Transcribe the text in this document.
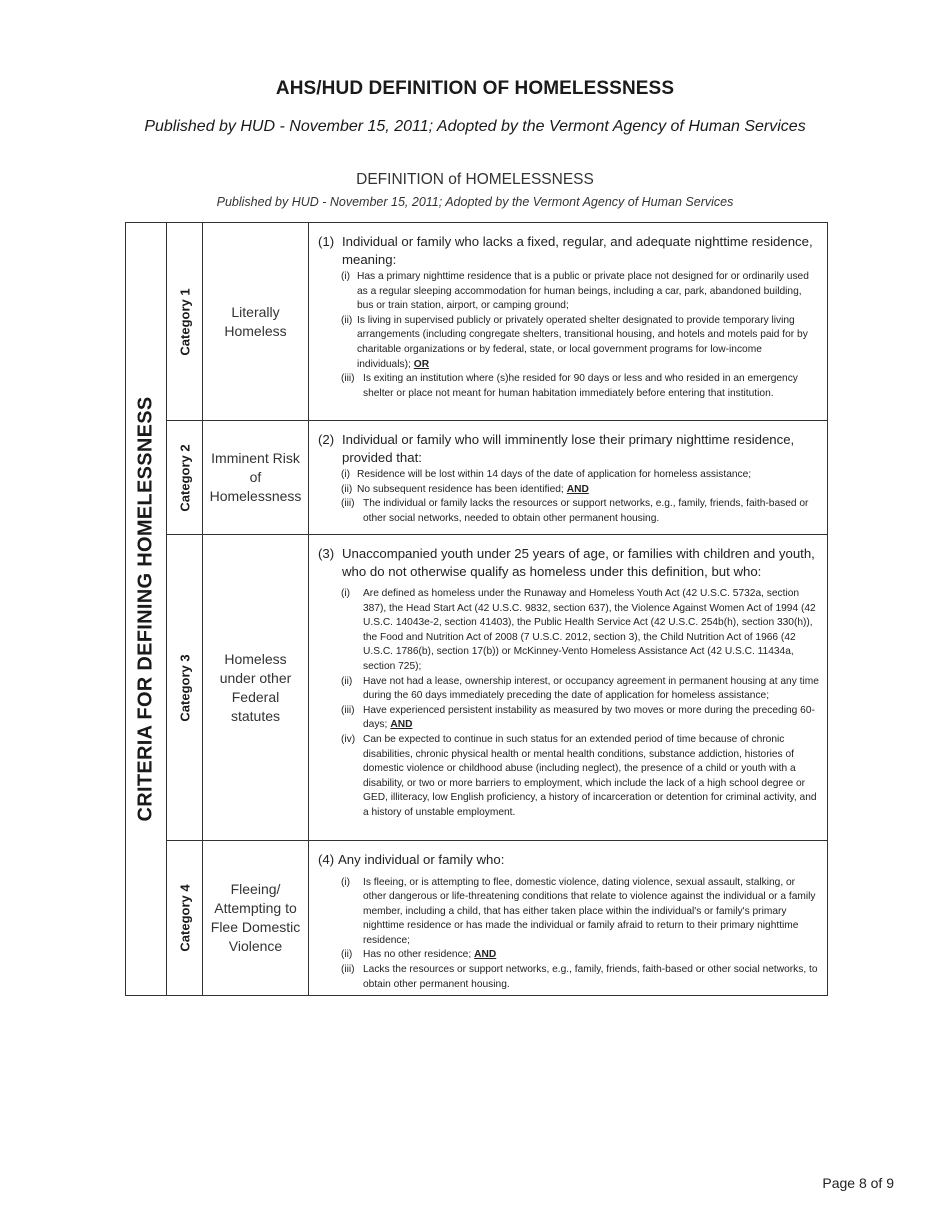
AHS/HUD DEFINITION OF HOMELESSNESS
Published by HUD - November 15, 2011; Adopted by the Vermont Agency of Human Services
DEFINITION of HOMELESSNESS
Published by HUD - November 15, 2011; Adopted by the Vermont Agency of Human Services
CRITERIA FOR DEFINING HOMELESSNESS
Category 1	Literally
Homeless
(1) Individual or family who lacks a fixed, regular, and adequate nighttime residence, meaning:
(i) Has a primary nighttime residence that is a public or private place not designed for or ordinarily used as a regular sleeping accommodation for human beings, including a car, park, abandoned building, bus or train station, airport, or camping ground;
(ii) Is living in supervised publicly or privately operated shelter designated to provide temporary living arrangements (including congregate shelters, transitional housing, and hotels and motels paid for by charitable organizations or by federal, state, or local government programs for low-income individuals); OR
(iii) Is exiting an institution where (s)he resided for 90 days or less and who resided in an emergency shelter or place not meant for human habitation immediately before entering that institution.
Category 2	Imminent Risk
of
Homelessness
(2) Individual or family who will imminently lose their primary nighttime residence, provided that:
(i) Residence will be lost within 14 days of the date of application for homeless assistance;
(ii) No subsequent residence has been identified; AND
(iii) The individual or family lacks the resources or support networks, e.g., family, friends, faith-based or other social networks, needed to obtain other permanent housing.
Category 3	Homeless
under other
Federal
statutes
(3) Unaccompanied youth under 25 years of age, or families with children and youth, who do not otherwise qualify as homeless under this definition, but who:
(i)	Are defined as homeless under the Runaway and Homeless Youth Act (42 U.S.C. 5732a, section 387), the Head Start Act (42 U.S.C. 9832, section 637), the Violence Against Women Act of 1994 (42 U.S.C. 14043e-2, section 41403), the Public Health Service Act (42 U.S.C. 254b(h), section 330(h)), the Food and Nutrition Act of 2008 (7 U.S.C. 2012, section 3), the Child Nutrition Act of 1966 (42 U.S.C. 1786(b), section 17(b)) or McKinney-Vento Homeless Assistance Act (42 U.S.C. 11434a, section 725);
(ii)	Have not had a lease, ownership interest, or occupancy agreement in permanent housing at any time during the 60 days immediately preceding the date of application for homeless assistance;
(iii) Have experienced persistent instability as measured by two moves or more during the preceding 60-days; AND
(iv) Can be expected to continue in such status for an extended period of time because of chronic disabilities, chronic physical health or mental health conditions, substance addiction, histories of domestic violence or childhood abuse (including neglect), the presence of a child or youth with a disability, or two or more barriers to employment, which include the lack of a high school degree or GED, illiteracy, low English proficiency, a history of incarceration or detention for criminal activity, and a history of unstable employment.
Category 4	Fleeing/
Attempting to
Flee Domestic
Violence
(4) Any individual or family who:
(i)	Is fleeing, or is attempting to flee, domestic violence, dating violence, sexual assault, stalking, or other dangerous or life-threatening conditions that relate to violence against the individual or a family member, including a child, that has either taken place within the individual's or family's primary nighttime residence or has made the individual or family afraid to return to their primary nighttime residence;
(ii)	Has no other residence; AND
(iii) Lacks the resources or support networks, e.g., family, friends, faith-based or other social networks, to obtain other permanent housing.
Page 8 of 9
